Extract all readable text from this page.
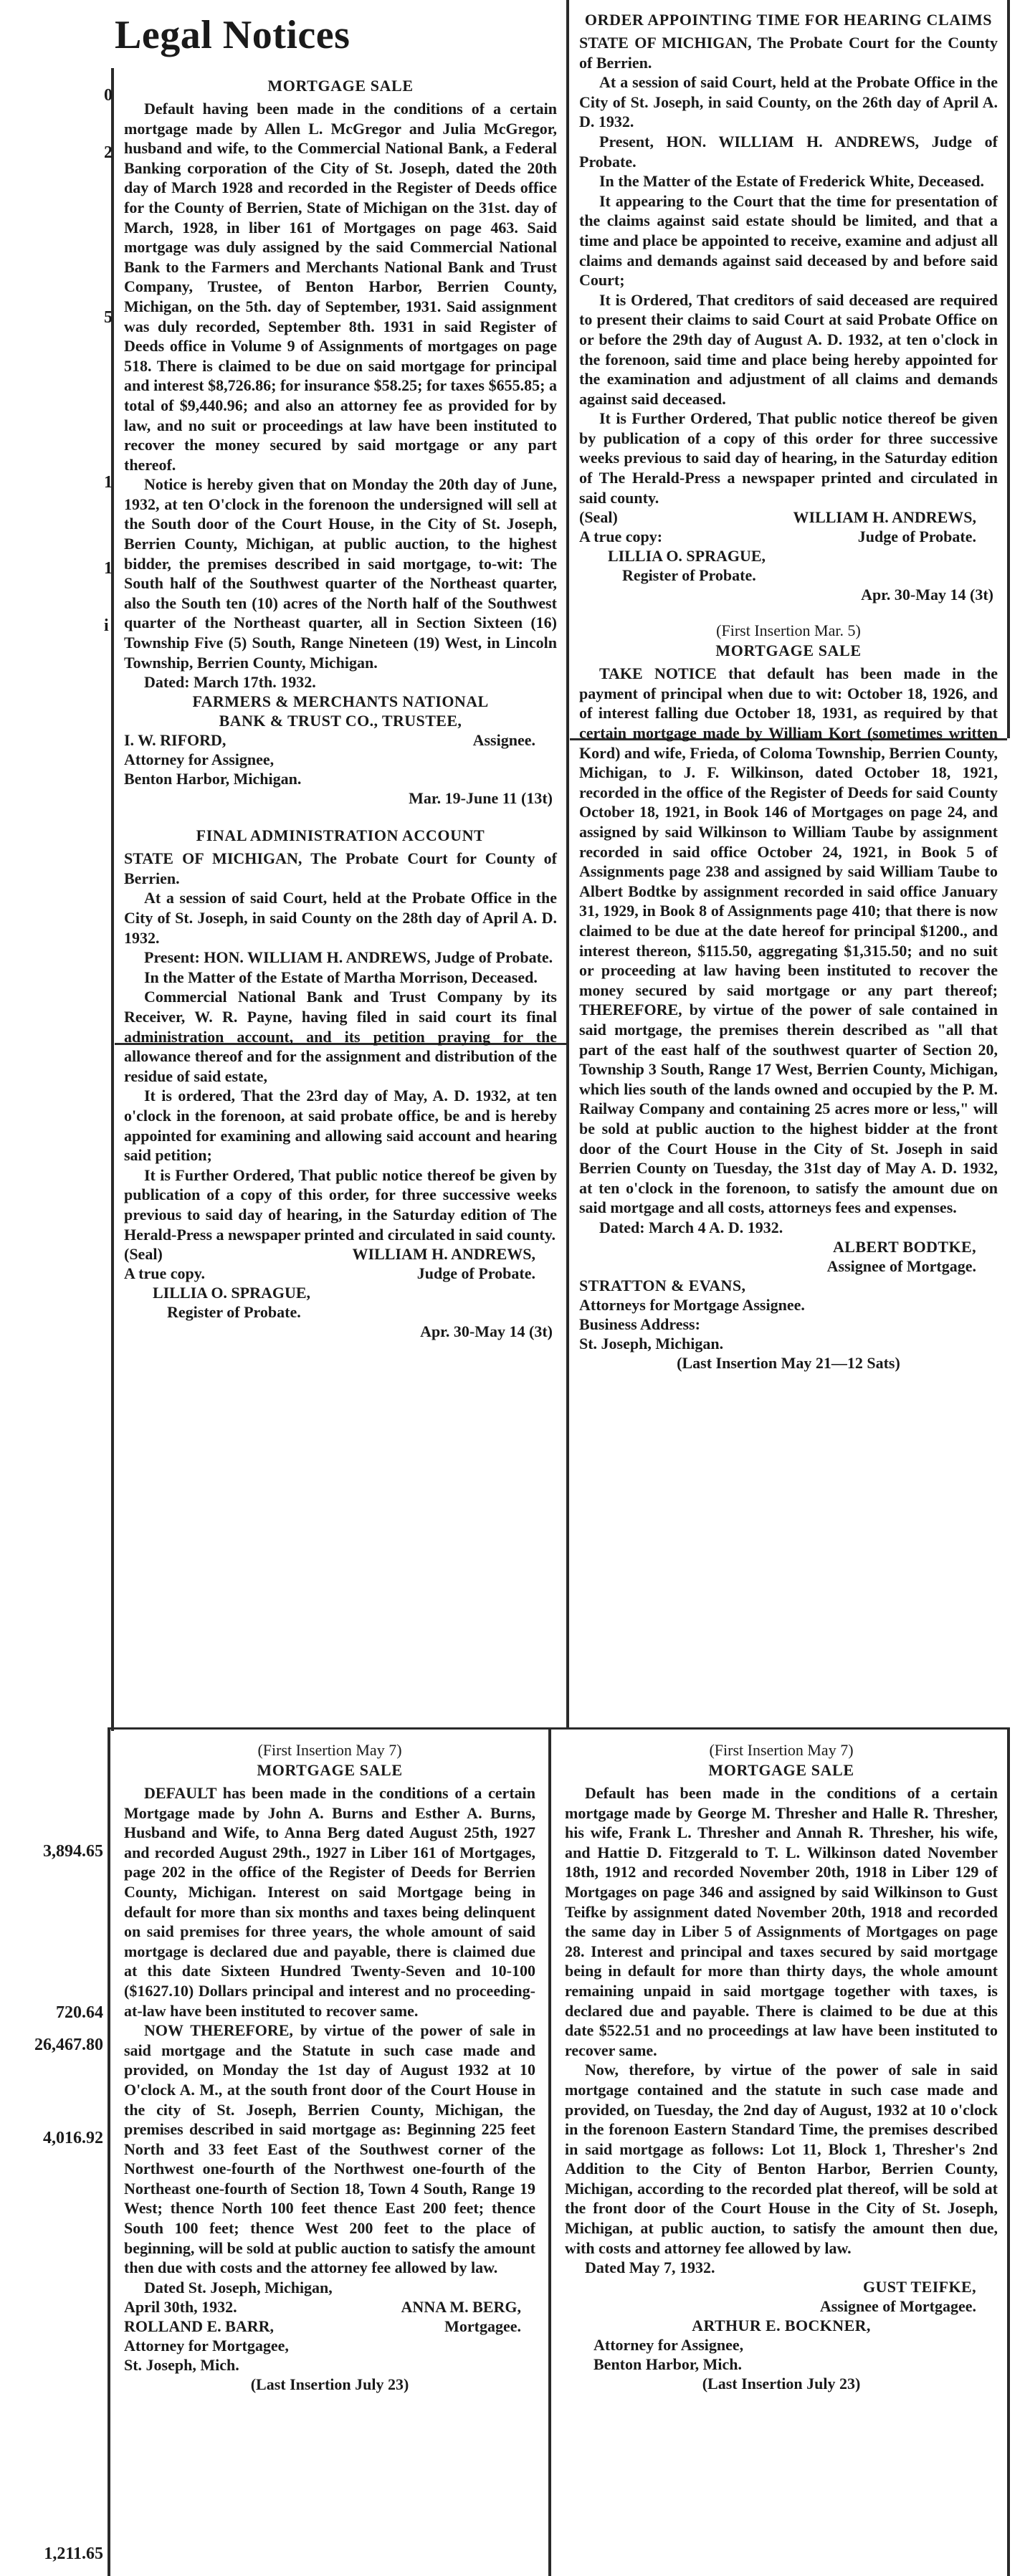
Legal Notices
0
2
5
1
1
i
3,894.65
720.64
26,467.80
4,016.92
1,211.65

MORTGAGE SALE

Default having been made in the conditions of a certain mortgage made by Allen L. McGregor and Julia McGregor, husband and wife, to the Commercial National Bank, a Federal Banking corporation of the City of St. Joseph, dated the 20th day of March 1928 and recorded in the Register of Deeds office for the County of Berrien, State of Michigan on the 31st. day of March, 1928, in liber 161 of Mortgages on page 463. Said mortgage was duly assigned by the said Commercial National Bank to the Farmers and Merchants National Bank and Trust Company, Trustee, of Benton Harbor, Berrien County, Michigan, on the 5th. day of September, 1931. Said assignment was duly recorded, September 8th. 1931 in said Register of Deeds office in Volume 9 of Assignments of mortgages on page 518. There is claimed to be due on said mortgage for principal and interest $8,726.86; for insurance $58.25; for taxes $655.85; a total of $9,440.96; and also an attorney fee as provided for by law, and no suit or proceedings at law have been instituted to recover the money secured by said mortgage or any part thereof.

Notice is hereby given that on Monday the 20th day of June, 1932, at ten O'clock in the forenoon the undersigned will sell at the South door of the Court House, in the City of St. Joseph, Berrien County, Michigan, at public auction, to the highest bidder, the premises described in said mortgage, to-wit: The South half of the Southwest quarter of the Northeast quarter, also the South ten (10) acres of the North half of the Southwest quarter of the Northeast quarter, all in Section Sixteen (16) Township Five (5) South, Range Nineteen (19) West, in Lincoln Township, Berrien County, Michigan.

Dated: March 17th. 1932.

FARMERS & MERCHANTS NATIONAL

BANK & TRUST CO., TRUSTEE,

I. W. RIFORD,	Assignee.

Attorney for Assignee,

Benton Harbor, Michigan.

Mar. 19-June 11 (13t)

FINAL ADMINISTRATION ACCOUNT

STATE OF MICHIGAN, The Probate Court for County of Berrien.

At a session of said Court, held at the Probate Office in the City of St. Joseph, in said County on the 28th day of April A. D. 1932.

Present: HON. WILLIAM H. ANDREWS, Judge of Probate.

In the Matter of the Estate of Martha Morrison, Deceased.

Commercial National Bank and Trust Company by its Receiver, W. R. Payne, having filed in said court its final administration account, and its petition praying for the allowance thereof and for the assignment and distribution of the residue of said estate,

It is ordered, That the 23rd day of May, A. D. 1932, at ten o'clock in the forenoon, at said probate office, be and is hereby appointed for examining and allowing said account and hearing said petition;

It is Further Ordered, That public notice thereof be given by publication of a copy of this order, for three successive weeks previous to said day of hearing, in the Saturday edition of The Herald-Press a newspaper printed and circulated in said county.

(Seal)	WILLIAM H. ANDREWS,

A true copy.	Judge of Probate.

LILLIA O. SPRAGUE,

Register of Probate.

Apr. 30-May 14 (3t)

ORDER APPOINTING TIME FOR HEARING CLAIMS

STATE OF MICHIGAN, The Probate Court for the County of Berrien.

At a session of said Court, held at the Probate Office in the City of St. Joseph, in said County, on the 26th day of April A. D. 1932.

Present, HON. WILLIAM H. ANDREWS, Judge of Probate.

In the Matter of the Estate of Frederick White, Deceased.

It appearing to the Court that the time for presentation of the claims against said estate should be limited, and that a time and place be appointed to receive, examine and adjust all claims and demands against said deceased by and before said Court;

It is Ordered, That creditors of said deceased are required to present their claims to said Court at said Probate Office on or before the 29th day of August A. D. 1932, at ten o'clock in the forenoon, said time and place being hereby appointed for the examination and adjustment of all claims and demands against said deceased.

It is Further Ordered, That public notice thereof be given by publication of a copy of this order for three successive weeks previous to said day of hearing, in the Saturday edition of The Herald-Press a newspaper printed and circulated in said county.

(Seal)	WILLIAM H. ANDREWS,

A true copy:	Judge of Probate.

LILLIA O. SPRAGUE,

Register of Probate.

Apr. 30-May 14 (3t)

(First Insertion Mar. 5)

MORTGAGE SALE

TAKE NOTICE that default has been made in the payment of principal when due to wit: October 18, 1926, and of interest falling due October 18, 1931, as required by that certain mortgage made by William Kort (sometimes written Kord) and wife, Frieda, of Coloma Township, Berrien County, Michigan, to J. F. Wilkinson, dated October 18, 1921, recorded in the office of the Register of Deeds for said County October 18, 1921, in Book 146 of Mortgages on page 24, and assigned by said Wilkinson to William Taube by assignment recorded in said office October 24, 1921, in Book 5 of Assignments page 238 and assigned by said William Taube to Albert Bodtke by assignment recorded in said office January 31, 1929, in Book 8 of Assignments page 410; that there is now claimed to be due at the date hereof for principal $1200., and interest thereon, $115.50, aggregating $1,315.50; and no suit or proceeding at law having been instituted to recover the money secured by said mortgage or any part thereof; THEREFORE, by virtue of the power of sale contained in said mortgage, the premises therein described as "all that part of the east half of the southwest quarter of Section 20, Township 3 South, Range 17 West, Berrien County, Michigan, which lies south of the lands owned and occupied by the P. M. Railway Company and containing 25 acres more or less," will be sold at public auction to the highest bidder at the front door of the Court House in the City of St. Joseph in said Berrien County on Tuesday, the 31st day of May A. D. 1932, at ten o'clock in the forenoon, to satisfy the amount due on said mortgage and all costs, attorneys fees and expenses.

Dated: March 4 A. D. 1932.

ALBERT BODTKE,

Assignee of Mortgage.

STRATTON & EVANS,

Attorneys for Mortgage Assignee.

Business Address:

St. Joseph, Michigan.

(Last Insertion May 21—12 Sats)

(First Insertion May 7)

MORTGAGE SALE

DEFAULT has been made in the conditions of a certain Mortgage made by John A. Burns and Esther A. Burns, Husband and Wife, to Anna Berg dated August 25th, 1927 and recorded August 29th., 1927 in Liber 161 of Mortgages, page 202 in the office of the Register of Deeds for Berrien County, Michigan. Interest on said Mortgage being in default for more than six months and taxes being delinquent on said premises for three years, the whole amount of said mortgage is declared due and payable, there is claimed due at this date Sixteen Hundred Twenty-Seven and 10-100 ($1627.10) Dollars principal and interest and no proceeding-at-law have been instituted to recover same.

NOW THEREFORE, by virtue of the power of sale in said mortgage and the Statute in such case made and provided, on Monday the 1st day of August 1932 at 10 O'clock A. M., at the south front door of the Court House in the city of St. Joseph, Berrien County, Michigan, the premises described in said mortgage as: Beginning 225 feet North and 33 feet East of the Southwest corner of the Northwest one-fourth of the Northwest one-fourth of the Northeast one-fourth of Section 18, Town 4 South, Range 19 West; thence North 100 feet thence East 200 feet; thence South 100 feet; thence West 200 feet to the place of beginning, will be sold at public auction to satisfy the amount then due with costs and the attorney fee allowed by law.

Dated St. Joseph, Michigan,

April 30th, 1932.	ANNA M. BERG,

ROLLAND E. BARR,	Mortgagee.

Attorney for Mortgagee,

St. Joseph, Mich.

(Last Insertion July 23)

(First Insertion May 7)

MORTGAGE SALE

Default has been made in the conditions of a certain mortgage made by George M. Thresher and Halle R. Thresher, his wife, Frank L. Thresher and Annah R. Thresher, his wife, and Hattie D. Fitzgerald to T. L. Wilkinson dated November 18th, 1912 and recorded November 20th, 1918 in Liber 129 of Mortgages on page 346 and assigned by said Wilkinson to Gust Teifke by assignment dated November 20th, 1918 and recorded the same day in Liber 5 of Assignments of Mortgages on page 28. Interest and principal and taxes secured by said mortgage being in default for more than thirty days, the whole amount remaining unpaid in said mortgage together with taxes, is declared due and payable. There is claimed to be due at this date $522.51 and no proceedings at law have been instituted to recover same.

Now, therefore, by virtue of the power of sale in said mortgage contained and the statute in such case made and provided, on Tuesday, the 2nd day of August, 1932 at 10 o'clock in the forenoon Eastern Standard Time, the premises described in said mortgage as follows: Lot 11, Block 1, Thresher's 2nd Addition to the City of Benton Harbor, Berrien County, Michigan, according to the recorded plat thereof, will be sold at the front door of the Court House in the City of St. Joseph, Michigan, at public auction, to satisfy the amount then due, with costs and attorney fee allowed by law.

Dated May 7, 1932.

GUST TEIFKE,

Assignee of Mortgagee.

ARTHUR E. BOCKNER,

Attorney for Assignee,

Benton Harbor, Mich.

(Last Insertion July 23)
